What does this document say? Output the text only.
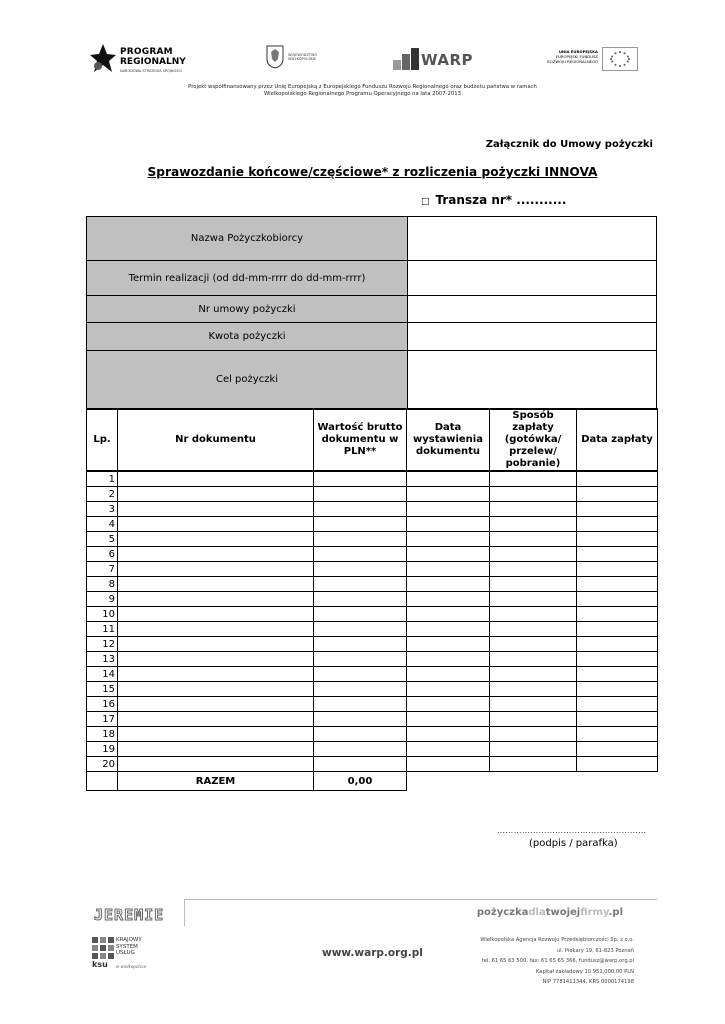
PROGRAM
REGIONALNY
NARODOWA STRATEGIA SPÓJNOŚCI
WOJEWÓDZTWO
WIELKOPOLSKIE	WARP	UNIA EUROPEJSKA
EUROPEJSKI FUNDUSZ
ROZWOJU REGIONALNEGO
Projekt współfinansowany przez Unię Europejską z Europejskiego Funduszu Rozwoju Regionalnego oraz budżetu państwa w ramach
Wielkopolskiego Regionalnego Programu Operacyjnego na lata 2007-2013
Załącznik do Umowy pożyczki
Sprawozdanie końcowe/częściowe* z rozliczenia pożyczki INNOVA
□ Transza nr* ...........
Nazwa Pożyczkobiorcy	
Termin realizacji (od dd-mm-rrrr do dd-mm-rrrr)	
Nr umowy pożyczki	
Kwota pożyczki	
Cel pożyczki	
Lp.	Nr dokumentu	Wartość brutto dokumentu w PLN**	Data wystawienia dokumentu	Sposób zapłaty (gotówka/ przelew/ pobranie)	Data zapłaty
1					
2					
3					
4					
5					
6					
7					
8					
9					
10					
11					
12					
13					
14					
15					
16					
17					
18					
19					
20					
	RAZEM	0,00			
………………………………………………
(podpis / parafka)
JEREMIE	pożyczkadlatwojejfirmy.pl
KRAJOWY
SYSTEM
USŁUG
ksu w wielkopolsce
www.warp.org.pl
Wielkopolska Agencja Rozwoju Przedsiębiorczości Sp. z o.o.
ul. Piekary 19, 61-823 Poznań
tel. 61 65 63 500, fax: 61 65 65 366, fundusz@warp.org.pl
Kapitał zakładowy 10.951.000,00 PLN
NIP 7781411344, KRS 0000174198
